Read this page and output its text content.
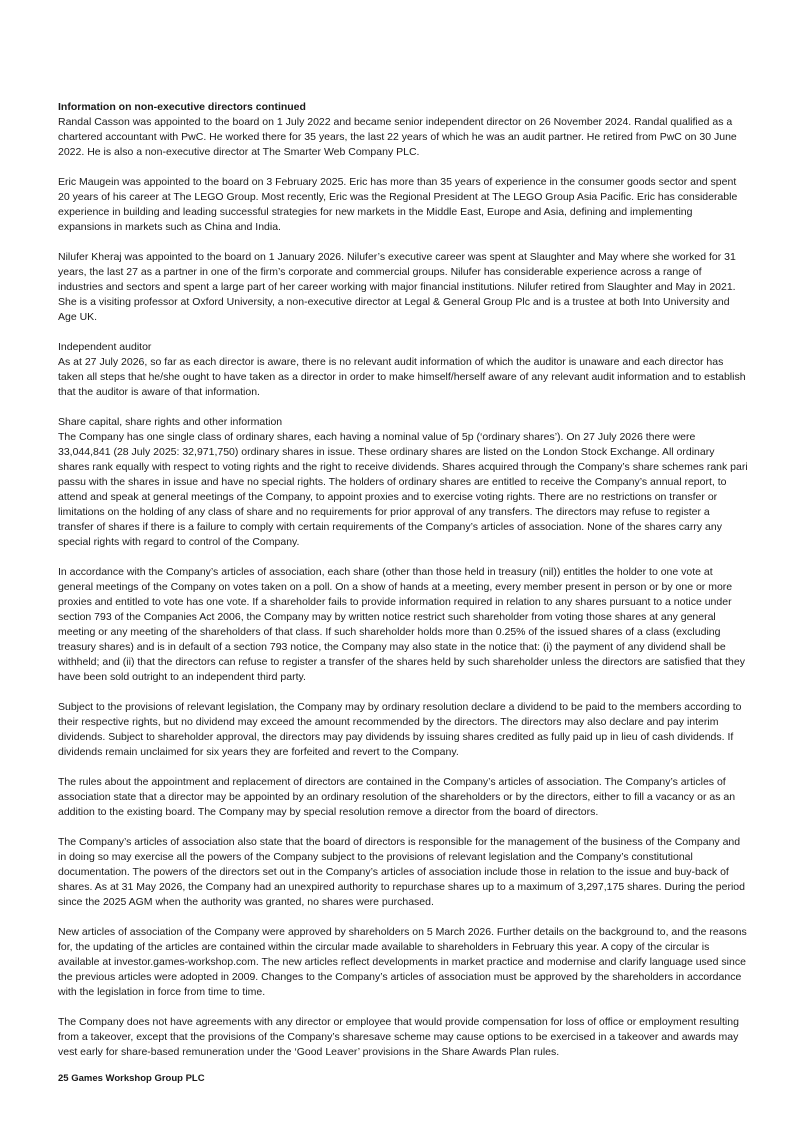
Information on non-executive directors continued

Randal Casson was appointed to the board on 1 July 2022 and became senior independent director on 26 November 2024. Randal qualified as a chartered accountant with PwC. He worked there for 35 years, the last 22 years of which he was an audit partner. He retired from PwC on 30 June 2022. He is also a non-executive director at The Smarter Web Company PLC.

Eric Maugein was appointed to the board on 3 February 2025. Eric has more than 35 years of experience in the consumer goods sector and spent 20 years of his career at The LEGO Group. Most recently, Eric was the Regional President at The LEGO Group Asia Pacific. Eric has considerable experience in building and leading successful strategies for new markets in the Middle East, Europe and Asia, defining and implementing expansions in markets such as China and India.

Nilufer Kheraj was appointed to the board on 1 January 2026. Nilufer’s executive career was spent at Slaughter and May where she worked for 31 years, the last 27 as a partner in one of the firm’s corporate and commercial groups. Nilufer has considerable experience across a range of industries and sectors and spent a large part of her career working with major financial institutions. Nilufer retired from Slaughter and May in 2021. She is a visiting professor at Oxford University, a non-executive director at Legal & General Group Plc and is a trustee at both Into University and Age UK.

Independent auditor

As at 27 July 2026, so far as each director is aware, there is no relevant audit information of which the auditor is unaware and each director has taken all steps that he/she ought to have taken as a director in order to make himself/herself aware of any relevant audit information and to establish that the auditor is aware of that information.

Share capital, share rights and other information

The Company has one single class of ordinary shares, each having a nominal value of 5p (‘ordinary shares’). On 27 July 2026 there were 33,044,841 (28 July 2025: 32,971,750) ordinary shares in issue. These ordinary shares are listed on the London Stock Exchange. All ordinary shares rank equally with respect to voting rights and the right to receive dividends. Shares acquired through the Company’s share schemes rank pari passu with the shares in issue and have no special rights. The holders of ordinary shares are entitled to receive the Company’s annual report, to attend and speak at general meetings of the Company, to appoint proxies and to exercise voting rights. There are no restrictions on transfer or limitations on the holding of any class of share and no requirements for prior approval of any transfers. The directors may refuse to register a transfer of shares if there is a failure to comply with certain requirements of the Company’s articles of association. None of the shares carry any special rights with regard to control of the Company.

In accordance with the Company’s articles of association, each share (other than those held in treasury (nil)) entitles the holder to one vote at general meetings of the Company on votes taken on a poll. On a show of hands at a meeting, every member present in person or by one or more proxies and entitled to vote has one vote. If a shareholder fails to provide information required in relation to any shares pursuant to a notice under section 793 of the Companies Act 2006, the Company may by written notice restrict such shareholder from voting those shares at any general meeting or any meeting of the shareholders of that class. If such shareholder holds more than 0.25% of the issued shares of a class (excluding treasury shares) and is in default of a section 793 notice, the Company may also state in the notice that: (i) the payment of any dividend shall be withheld; and (ii) that the directors can refuse to register a transfer of the shares held by such shareholder unless the directors are satisfied that they have been sold outright to an independent third party.

Subject to the provisions of relevant legislation, the Company may by ordinary resolution declare a dividend to be paid to the members according to their respective rights, but no dividend may exceed the amount recommended by the directors. The directors may also declare and pay interim dividends. Subject to shareholder approval, the directors may pay dividends by issuing shares credited as fully paid up in lieu of cash dividends. If dividends remain unclaimed for six years they are forfeited and revert to the Company.

The rules about the appointment and replacement of directors are contained in the Company’s articles of association. The Company’s articles of association state that a director may be appointed by an ordinary resolution of the shareholders or by the directors, either to fill a vacancy or as an addition to the existing board. The Company may by special resolution remove a director from the board of directors.

The Company’s articles of association also state that the board of directors is responsible for the management of the business of the Company and in doing so may exercise all the powers of the Company subject to the provisions of relevant legislation and the Company’s constitutional documentation. The powers of the directors set out in the Company’s articles of association include those in relation to the issue and buy-back of shares. As at 31 May 2026, the Company had an unexpired authority to repurchase shares up to a maximum of 3,297,175 shares. During the period since the 2025 AGM when the authority was granted, no shares were purchased.

New articles of association of the Company were approved by shareholders on 5 March 2026. Further details on the background to, and the reasons for, the updating of the articles are contained within the circular made available to shareholders in February this year. A copy of the circular is available at investor.games-workshop.com. The new articles reflect developments in market practice and modernise and clarify language used since the previous articles were adopted in 2009. Changes to the Company’s articles of association must be approved by the shareholders in accordance with the legislation in force from time to time.

The Company does not have agreements with any director or employee that would provide compensation for loss of office or employment resulting from a takeover, except that the provisions of the Company’s sharesave scheme may cause options to be exercised in a takeover and awards may vest early for share-based remuneration under the ‘Good Leaver’ provisions in the Share Awards Plan rules.

25 Games Workshop Group PLC
